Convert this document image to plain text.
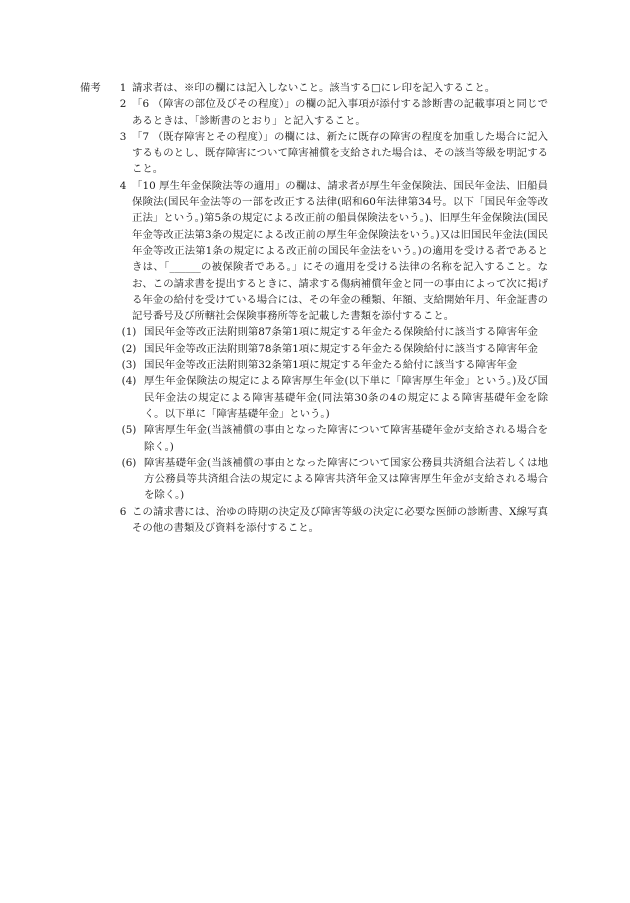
備考	1 請求者は、※印の欄には記入しないこと。該当する□にレ印を記入すること。
2 「6 （障害の部位及びその程度）」の欄の記入事項が添付する診断書の記載事項と同じであるときは、「診断書のとおり」と記入すること。
3 「7 （既存障害とその程度）」の欄には、新たに既存の障害の程度を加重した場合に記入するものとし、既存障害について障害補償を支給された場合は、その該当等級を明記すること。
4 「10 厚生年金保険法等の適用」の欄は、請求者が厚生年金保険法、国民年金法、旧船員保険法(国民年金法等の一部を改正する法律(昭和60年法律第34号。以下「国民年金等改正法」という。)第5条の規定による改正前の船員保険法をいう。)、旧厚生年金保険法(国民年金等改正法第3条の規定による改正前の厚生年金保険法をいう。)又は旧国民年金法(国民年金等改正法第1条の規定による改正前の国民年金法をいう。)の適用を受ける者であるときは、「______の被保険者である。」にその適用を受ける法律の名称を記入すること。なお、この請求書を提出するときに、請求する傷病補償年金と同一の事由によって次に掲げる年金の給付を受けている場合には、その年金の種類、年額、支給開始年月、年金証書の記号番号及び所轄社会保険事務所等を記載した書類を添付すること。
(1) 国民年金等改正法附則第87条第1項に規定する年金たる保険給付に該当する障害年金
(2) 国民年金等改正法附則第78条第1項に規定する年金たる保険給付に該当する障害年金
(3) 国民年金等改正法附則第32条第1項に規定する年金たる給付に該当する障害年金
(4) 厚生年金保険法の規定による障害厚生年金(以下単に「障害厚生年金」という。)及び国民年金法の規定による障害基礎年金(同法第30条の4の規定による障害基礎年金を除く。以下単に「障害基礎年金」という。)
(5) 障害厚生年金(当該補償の事由となった障害について障害基礎年金が支給される場合を除く。)
(6) 障害基礎年金(当該補償の事由となった障害について国家公務員共済組合法若しくは地方公務員等共済組合法の規定による障害共済年金又は障害厚生年金が支給される場合を除く。)
6 この請求書には、治ゆの時期の決定及び障害等級の決定に必要な医師の診断書、X線写真その他の書類及び資料を添付すること。
